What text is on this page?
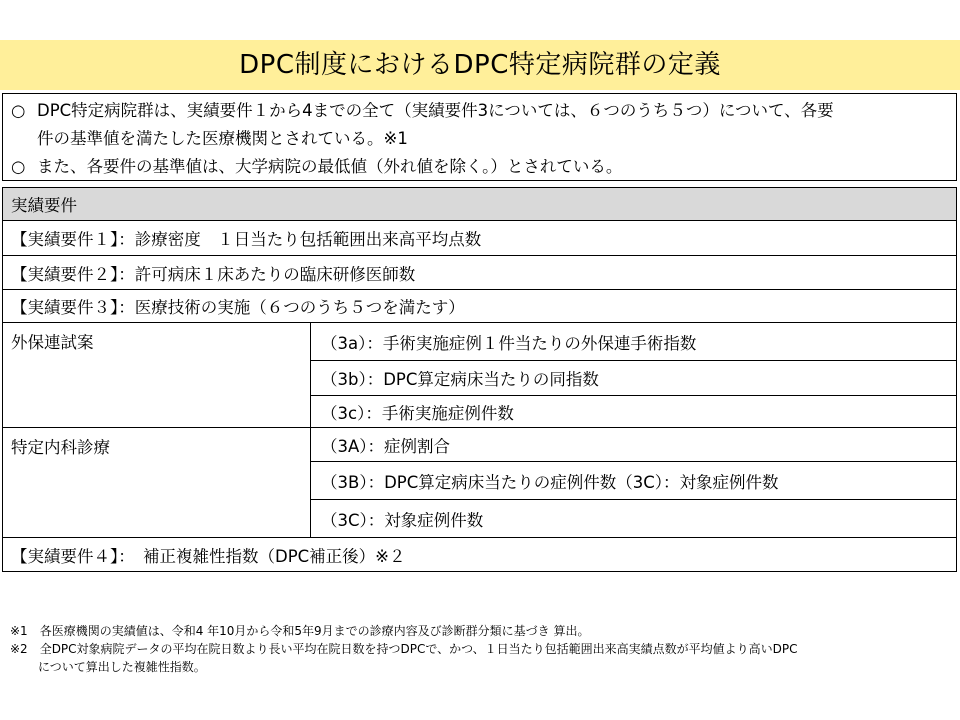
DPC制度におけるDPC特定病院群の定義

○ DPC特定病院群は、実績要件１から4までの全て（実績要件3については、６つのうち５つ）について、各要

件の基準値を満たした医療機関とされている。※1

○ また、各要件の基準値は、大学病院の最低値（外れ値を除く。）とされている。

実績要件	
【実績要件１】：診療密度　１日当たり包括範囲出来高平均点数	
【実績要件２】：許可病床１床あたりの臨床研修医師数	
【実績要件３】：医療技術の実施（６つのうち５つを満たす）	
外保連試案	（3a）：手術実施症例１件当たりの外保連手術指数
	（3b）：DPC算定病床当たりの同指数
	（3c）：手術実施症例件数
特定内科診療	（3A）：症例割合
	（3B）：DPC算定病床当たりの症例件数（3C）：対象症例件数
	（3C）：対象症例件数
【実績要件４】：　補正複雑性指数（DPC補正後）※２	

※1　各医療機関の実績値は、令和4 年10月から令和5年9月までの診療内容及び診断群分類に基づき 算出。

※2　全DPC対象病院データの平均在院日数より長い平均在院日数を持つDPCで、かつ、１日当たり包括範囲出来高実績点数が平均値より高いDPC

について算出した複雑性指数。
